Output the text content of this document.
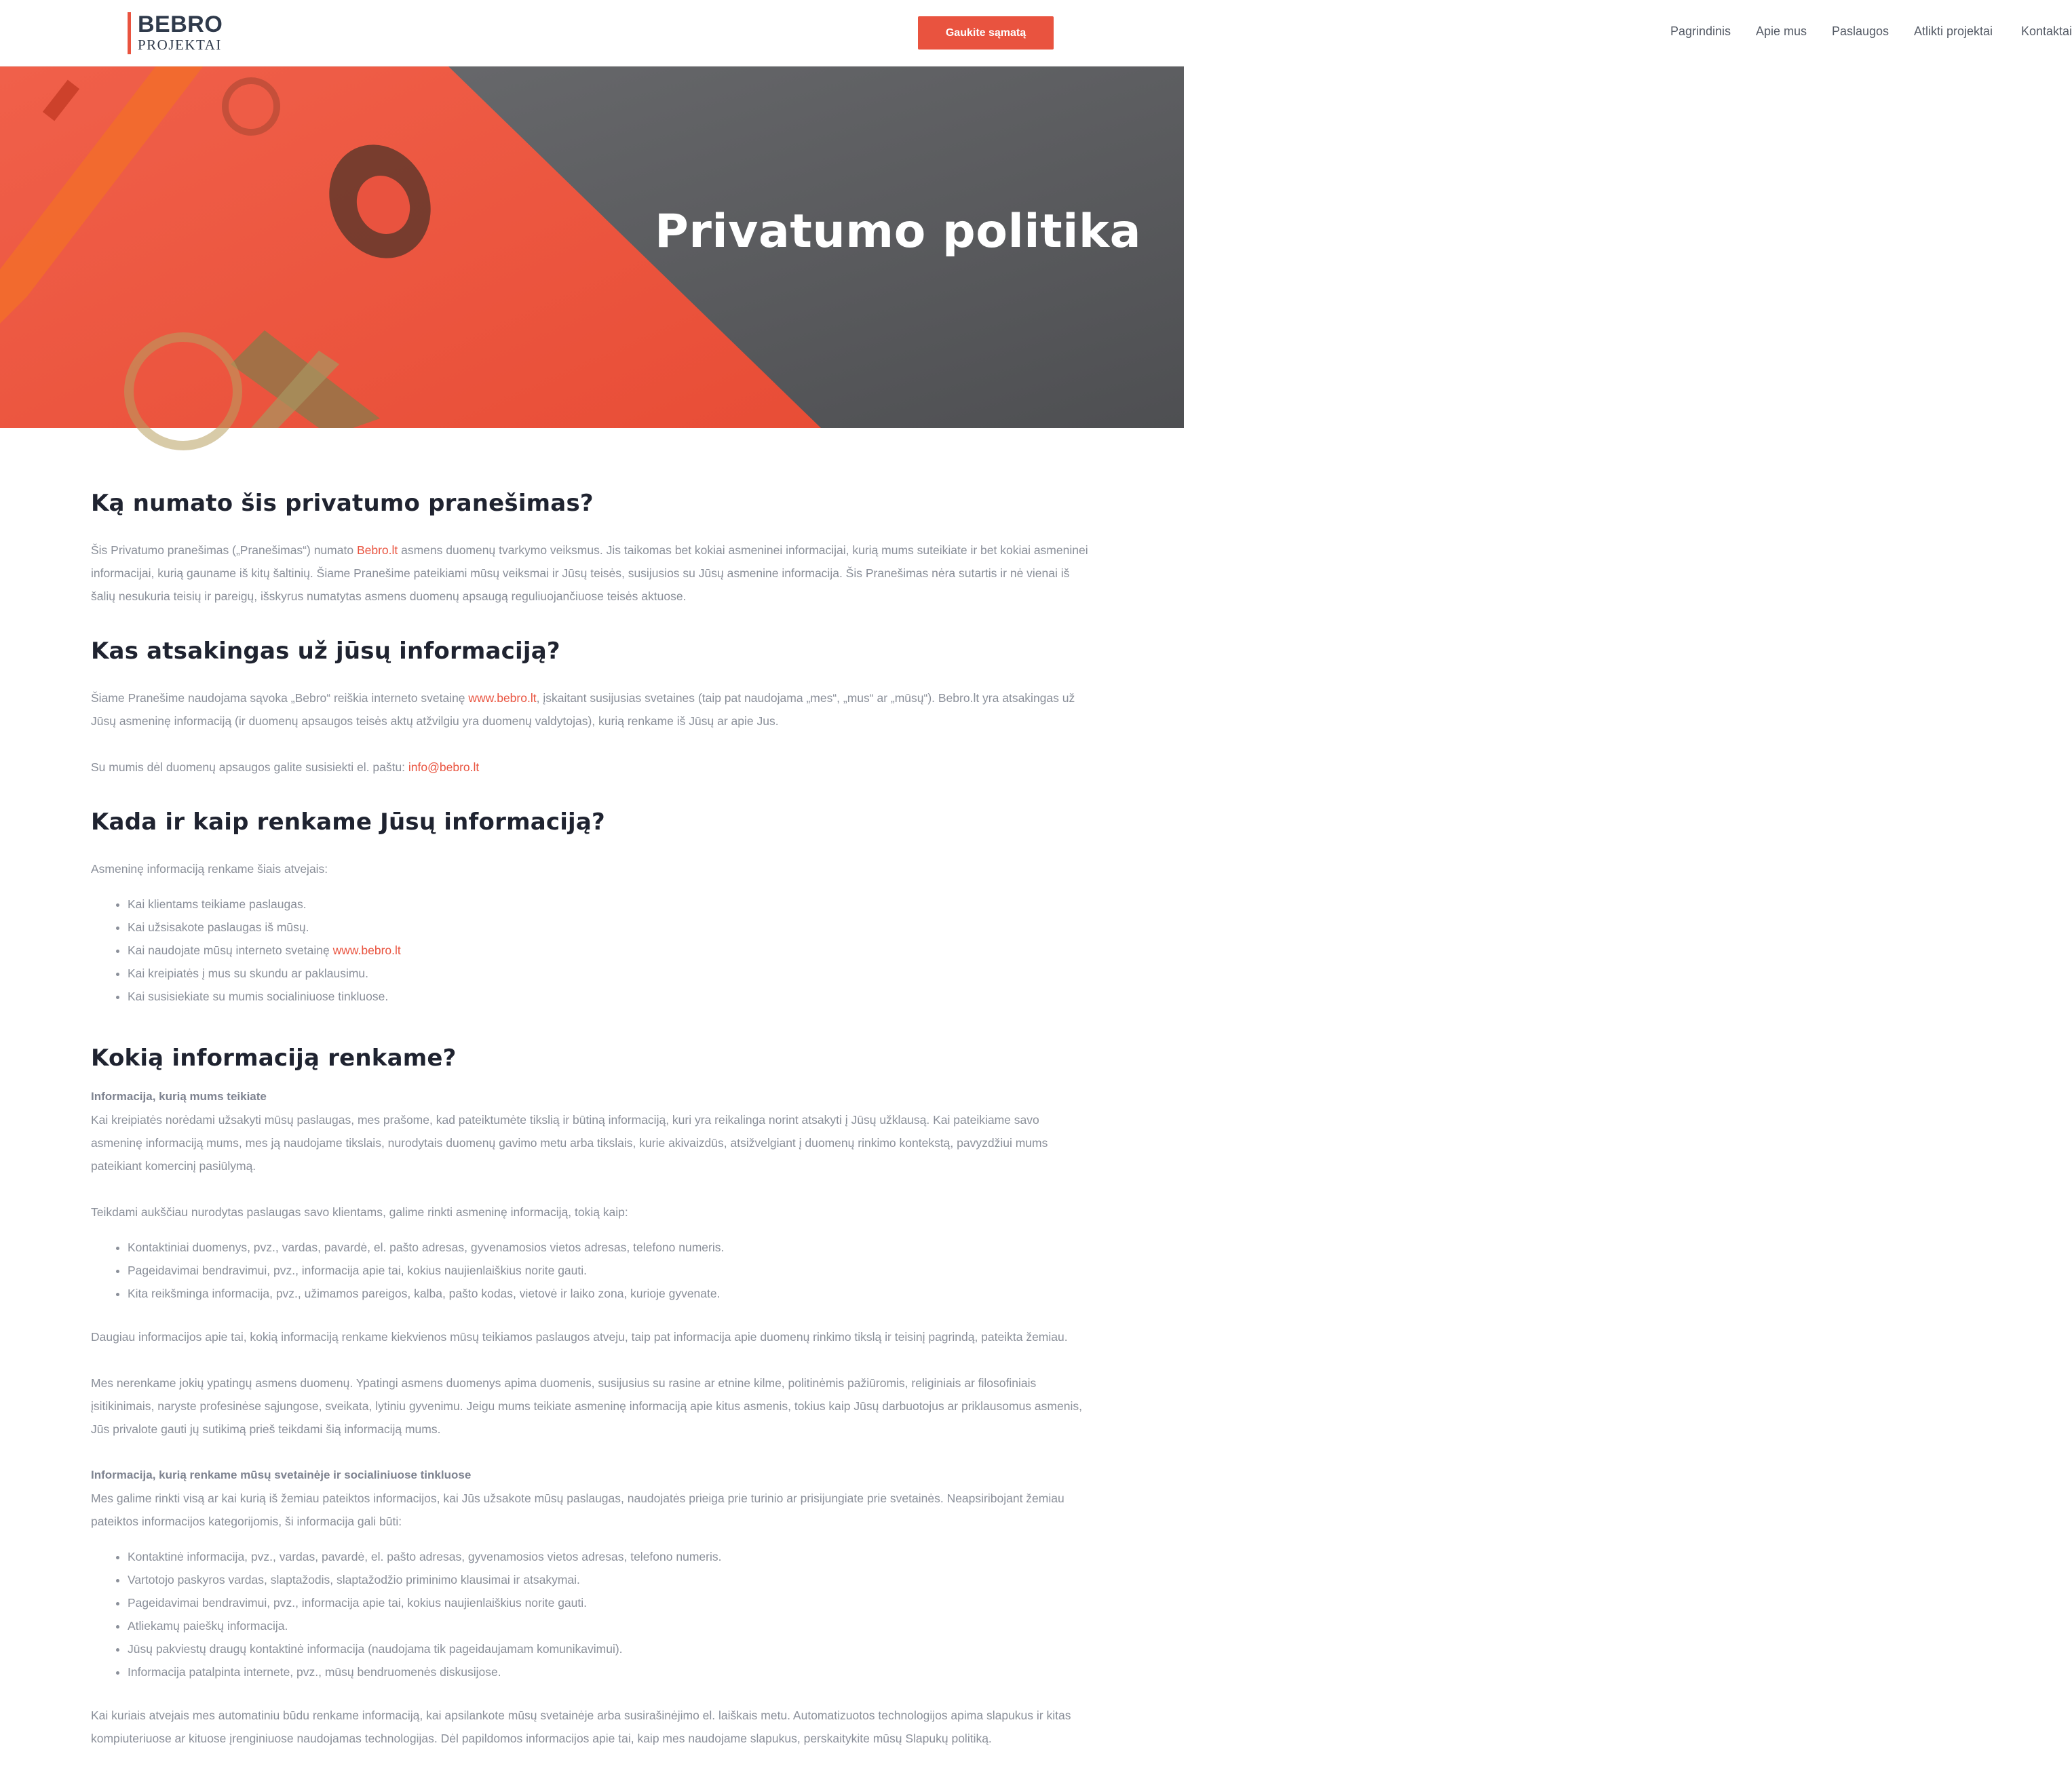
BEBRO
PROJEKTAI
Pagrindinis Apie mus Paslaugos Atlikti projektai Kontaktai
Gaukite sąmatą
Privatumo politika
Ką numato šis privatumo pranešimas?

Šis Privatumo pranešimas („Pranešimas“) numato Bebro.lt asmens duomenų tvarkymo veiksmus. Jis taikomas bet kokiai asmeninei informacijai, kurią mums suteikiate ir bet kokiai asmeninei informacijai, kurią gauname iš kitų šaltinių. Šiame Pranešime pateikiami mūsų veiksmai ir Jūsų teisės, susijusios su Jūsų asmenine informacija. Šis Pranešimas nėra sutartis ir nė vienai iš šalių nesukuria teisių ir pareigų, išskyrus numatytas asmens duomenų apsaugą reguliuojančiuose teisės aktuose.

Kas atsakingas už jūsų informaciją?

Šiame Pranešime naudojama sąvoka „Bebro“ reiškia interneto svetainę www.bebro.lt, įskaitant susijusias svetaines (taip pat naudojama „mes“, „mus“ ar „mūsų“). Bebro.lt yra atsakingas už Jūsų asmeninę informaciją (ir duomenų apsaugos teisės aktų atžvilgiu yra duomenų valdytojas), kurią renkame iš Jūsų ar apie Jus.

Su mumis dėl duomenų apsaugos galite susisiekti el. paštu: info@bebro.lt

Kada ir kaip renkame Jūsų informaciją?

Asmeninę informaciją renkame šiais atvejais:

• Kai klientams teikiame paslaugas.
• Kai užsisakote paslaugas iš mūsų.
• Kai naudojate mūsų interneto svetainę www.bebro.lt
• Kai kreipiatės į mus su skundu ar paklausimu.
• Kai susisiekiate su mumis socialiniuose tinkluose.
Kokią informaciją renkame?

Informacija, kurią mums teikiate
Kai kreipiatės norėdami užsakyti mūsų paslaugas, mes prašome, kad pateiktumėte tikslią ir būtiną informaciją, kuri yra reikalinga norint atsakyti į Jūsų užklausą. Kai pateikiame savo asmeninę informaciją mums, mes ją naudojame tikslais, nurodytais duomenų gavimo metu arba tikslais, kurie akivaizdūs, atsižvelgiant į duomenų rinkimo kontekstą, pavyzdžiui mums pateikiant komercinį pasiūlymą.

Teikdami aukščiau nurodytas paslaugas savo klientams, galime rinkti asmeninę informaciją, tokią kaip:

• Kontaktiniai duomenys, pvz., vardas, pavardė, el. pašto adresas, gyvenamosios vietos adresas, telefono numeris.
• Pageidavimai bendravimui, pvz., informacija apie tai, kokius naujienlaiškius norite gauti.
• Kita reikšminga informacija, pvz., užimamos pareigos, kalba, pašto kodas, vietovė ir laiko zona, kurioje gyvenate.

Daugiau informacijos apie tai, kokią informaciją renkame kiekvienos mūsų teikiamos paslaugos atveju, taip pat informacija apie duomenų rinkimo tikslą ir teisinį pagrindą, pateikta žemiau.

Mes nerenkame jokių ypatingų asmens duomenų. Ypatingi asmens duomenys apima duomenis, susijusius su rasine ar etnine kilme, politinėmis pažiūromis, religiniais ar filosofiniais įsitikinimais, naryste profesinėse sąjungose, sveikata, lytiniu gyvenimu. Jeigu mums teikiate asmeninę informaciją apie kitus asmenis, tokius kaip Jūsų darbuotojus ar priklausomus asmenis, Jūs privalote gauti jų sutikimą prieš teikdami šią informaciją mums.

Informacija, kurią renkame mūsų svetainėje ir socialiniuose tinkluose
Mes galime rinkti visą ar kai kurią iš žemiau pateiktos informacijos, kai Jūs užsakote mūsų paslaugas, naudojatės prieiga prie turinio ar prisijungiate prie svetainės. Neapsiribojant žemiau pateiktos informacijos kategorijomis, ši informacija gali būti:

• Kontaktinė informacija, pvz., vardas, pavardė, el. pašto adresas, gyvenamosios vietos adresas, telefono numeris.
• Vartotojo paskyros vardas, slaptažodis, slaptažodžio priminimo klausimai ir atsakymai.
• Pageidavimai bendravimui, pvz., informacija apie tai, kokius naujienlaiškius norite gauti.
• Atliekamų paieškų informacija.
• Jūsų pakviestų draugų kontaktinė informacija (naudojama tik pageidaujamam komunikavimui).
• Informacija patalpinta internete, pvz., mūsų bendruomenės diskusijose.

Kai kuriais atvejais mes automatiniu būdu renkame informaciją, kai apsilankote mūsų svetainėje arba susirašinėjimo el. laiškais metu. Automatizuotos technologijos apima slapukus ir kitas kompiuteriuose ar kituose įrenginiuose naudojamas technologijas. Dėl papildomos informacijos apie tai, kaip mes naudojame slapukus, perskaitykite mūsų Slapukų politiką.
